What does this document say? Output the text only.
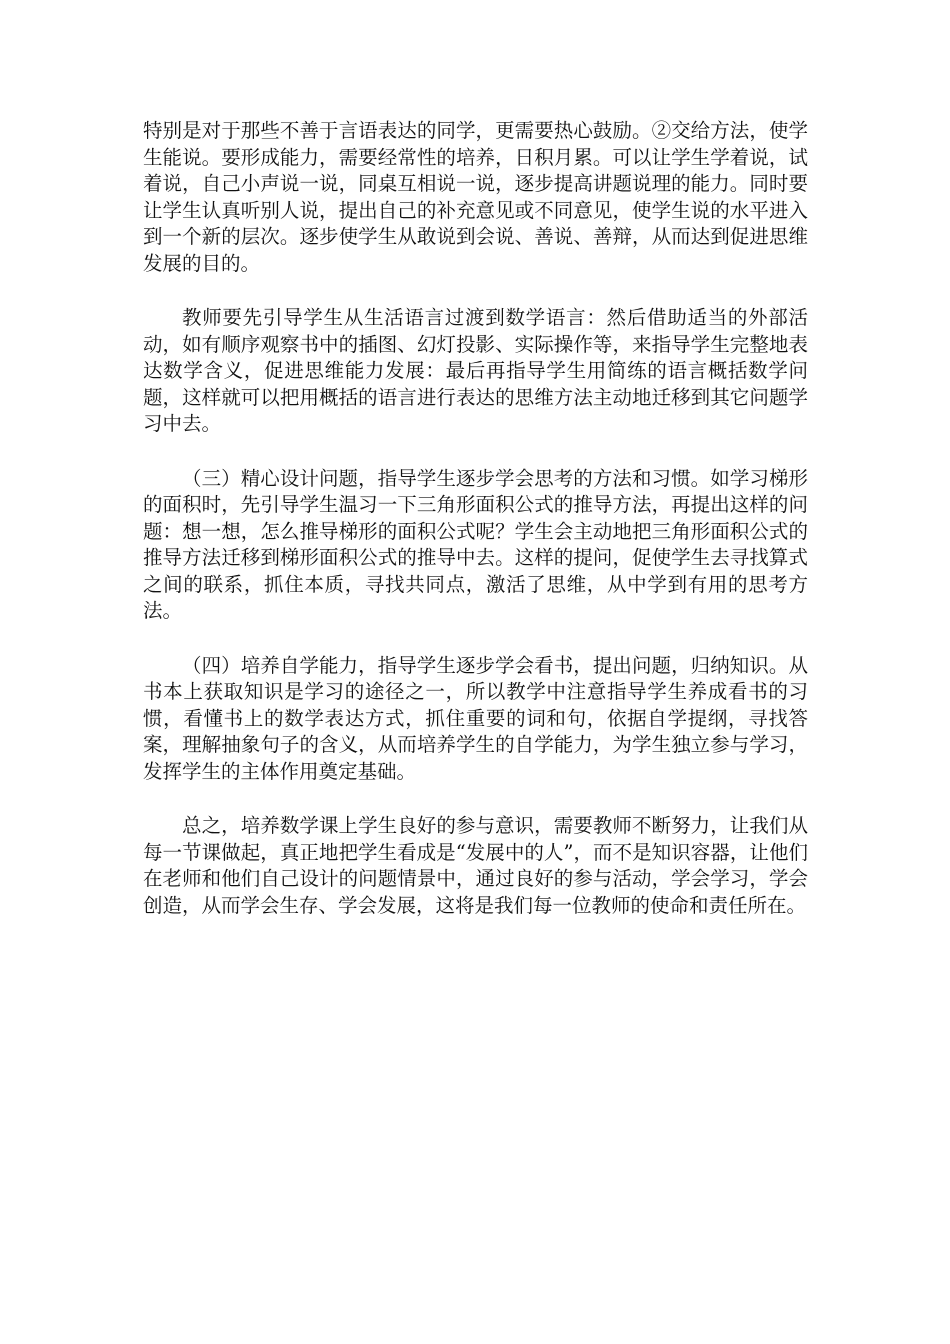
特别是对于那些不善于言语表达的同学，更需要热心鼓励。②交给方法，使学生能说。要形成能力，需要经常性的培养，日积月累。可以让学生学着说，试着说，自己小声说一说，同桌互相说一说，逐步提高讲题说理的能力。同时要让学生认真听别人说，提出自己的补充意见或不同意见，使学生说的水平进入到一个新的层次。逐步使学生从敢说到会说、善说、善辩，从而达到促进思维发展的目的。

教师要先引导学生从生活语言过渡到数学语言：然后借助适当的外部活动，如有顺序观察书中的插图、幻灯投影、实际操作等，来指导学生完整地表达数学含义，促进思维能力发展：最后再指导学生用简练的语言概括数学问题，这样就可以把用概括的语言进行表达的思维方法主动地迁移到其它问题学习中去。

（三）精心设计问题，指导学生逐步学会思考的方法和习惯。如学习梯形的面积时，先引导学生温习一下三角形面积公式的推导方法，再提出这样的问题：想一想，怎么推导梯形的面积公式呢？学生会主动地把三角形面积公式的推导方法迁移到梯形面积公式的推导中去。这样的提问，促使学生去寻找算式之间的联系，抓住本质，寻找共同点，激活了思维，从中学到有用的思考方法。

（四）培养自学能力，指导学生逐步学会看书，提出问题，归纳知识。从书本上获取知识是学习的途径之一，所以教学中注意指导学生养成看书的习惯，看懂书上的数学表达方式，抓住重要的词和句，依据自学提纲，寻找答案，理解抽象句子的含义，从而培养学生的自学能力，为学生独立参与学习，发挥学生的主体作用奠定基础。

总之，培养数学课上学生良好的参与意识，需要教师不断努力，让我们从每一节课做起，真正地把学生看成是“发展中的人”，而不是知识容器，让他们在老师和他们自己设计的问题情景中，通过良好的参与活动，学会学习，学会创造，从而学会生存、学会发展，这将是我们每一位教师的使命和责任所在。
